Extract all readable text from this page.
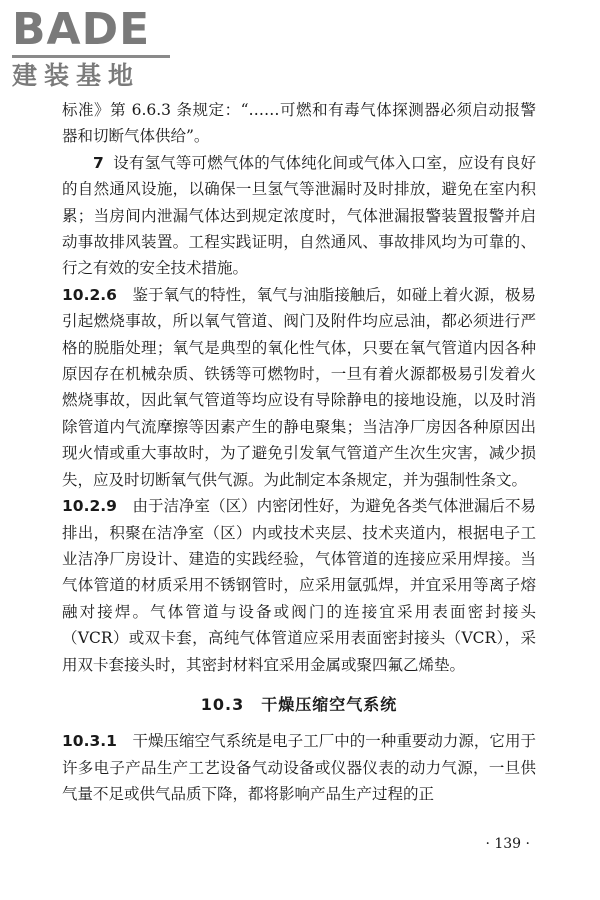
BADE
建装基地

标准》第 6.6.3 条规定：“……可燃和有毒气体探测器必须启动报警器和切断气体供给”。

7 设有氢气等可燃气体的气体纯化间或气体入口室，应设有良好的自然通风设施，以确保一旦氢气等泄漏时及时排放，避免在室内积累；当房间内泄漏气体达到规定浓度时，气体泄漏报警装置报警并启动事故排风装置。工程实践证明，自然通风、事故排风均为可靠的、行之有效的安全技术措施。

10.2.6　 鉴于氧气的特性，氧气与油脂接触后，如碰上着火源，极易引起燃烧事故，所以氧气管道、阀门及附件均应忌油，都必须进行严格的脱脂处理；氧气是典型的氧化性气体，只要在氧气管道内因各种原因存在机械杂质、铁锈等可燃物时，一旦有着火源都极易引发着火燃烧事故，因此氧气管道等均应设有导除静电的接地设施，以及时消除管道内气流摩擦等因素产生的静电聚集；当洁净厂房因各种原因出现火情或重大事故时，为了避免引发氧气管道产生次生灾害，减少损失，应及时切断氧气供气源。为此制定本条规定，并为强制性条文。

10.2.9　 由于洁净室（区）内密闭性好，为避免各类气体泄漏后不易排出，积聚在洁净室（区）内或技术夹层、技术夹道内，根据电子工业洁净厂房设计、建造的实践经验，气体管道的连接应采用焊接。当气体管道的材质采用不锈钢管时，应采用氩弧焊，并宜采用等离子熔融对接焊。气体管道与设备或阀门的连接宜采用表面密封接头（VCR）或双卡套，高纯气体管道应采用表面密封接头（VCR），采用双卡套接头时，其密封材料宜采用金属或聚四氟乙烯垫。

10.3　干燥压缩空气系统

10.3.1　 干燥压缩空气系统是电子工厂中的一种重要动力源，它用于许多电子产品生产工艺设备气动设备或仪器仪表的动力气源，一旦供气量不足或供气品质下降，都将影响产品生产过程的正

· 139 ·
